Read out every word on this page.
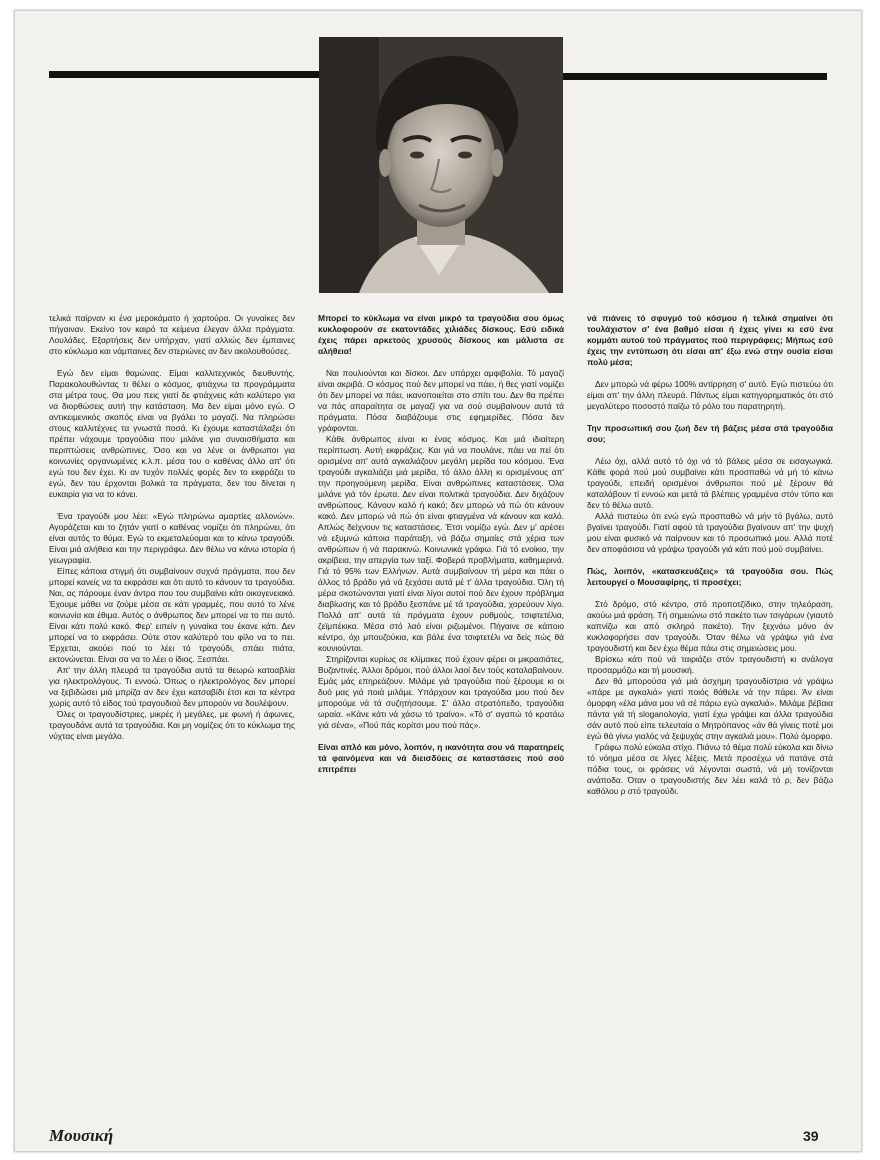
τελικά παίρναν κι ένα μεροκάματο ή χαρτούρα. Οι γυναίκες δεν πήγαιναν. Εκείνο τον καιρό τα κείμενα έλεγαν άλλα πράγματα. Λουλάδες. Εξαρτήσεις δεν υπήρχαν, γιατί αλλιώς δεν έμπαινες στο κύκλωμα και νάμπαινες δεν στεριώνες αν δεν ακολουθούσες.

Εγώ δεν είμαι θαμώνας. Είμαι καλλιτεχνικός διευθυντής. Παρακολουθώντας τι θέλει ο κόσμος, φτιάχνω τα προγράμματα στα μέτρα τους. Θα μου πεις γιατί δε φτιάχνεις κάτι καλύτερο για να διορθώσεις αυτή την κατάσταση. Μα δεν είμαι μόνο εγώ. Ο αντικειμενικός σκοπός είναι να βγάλει το μαγαζί. Να πληρώσει στους καλλιτέχνες τα γνωστά ποσά. Κι έχουμε καταστάλαξει ότι πρέπει νάχουμε τραγούδια που μιλάνε για συναισθήματα και περιπτώσεις ανθρώπινες. Όσο και να λένε οι άνθρωποι για κοινωνίες οργανωμένες κ.λ.π. μέσα του ο καθένας άλλο απ' ότι εγώ του δεν έχει. Κι αν τυχόν πολλές φορές δεν το εκφράζει το εγώ, δεν του έρχονται βολικά τα πράγματα, δεν του δίνεται η ευκαιρία για να το κάνει.

Ένα τραγούδι μου λέει: «Εγώ πληρώνω αμαρτίες αλλονών». Αγοράζεται και το ζητάν γιατί ο καθένας νομίζει ότι πληρώνει, ότι είναι αυτός το θύμα. Εγώ το εκμεταλεύομαι και το κάνω τραγούδι. Είναι μιά αλήθεια και την περιγράφω. Δεν θέλω να κάνω ιστορία ή γεωγραφία.

Είπες κάποια στιγμή ότι συμβαίνουν συχνά πράγματα, που δεν μπορεί κανείς να τα εκφράσει και ότι αυτό το κάνουν τα τραγούδια. Ναι, ας πάρουμε έναν άντρα που του συμβαίνει κάτι οικογενειακό. Έχουμε μάθει να ζούμε μέσα σε κάτι γραμμές, που αυτό το λένε κοινωνία και έθιμα. Αυτός ο άνθρωπος δεν μπορεί να το πει αυτό. Είναι κάτι πολύ κακό. Φερ' ειπείν η γυναίκα του έκανε κάτι. Δεν μπορεί να το εκφράσει. Ούτε στον καλύτερό του φίλο να το πει. Έρχεται, ακούει πού το λέει τό τραγούδι, σπάει πιάτα, εκτονώνεται. Είναι σα να το λέει ο ίδιος. Ξεσπάει.

Απ' την άλλη πλευρά τα τραγούδια αυτά τα θεωρώ κατοαβλία για ηλεκτρολόγους. Τι εννοώ. Όπως ο ηλεκτρολόγος δεν μπορεί να ξεβιδώσει μιά μπρίζα αν δεν έχει κατσαβίδι έτσι και τα κέντρα χωρίς αυτό τό είδος τού τραγουδιού δεν μπορούν να δουλέψουν.

Όλες οι τραγουδίστριες, μικρές ή μεγάλες, με φωνή ή άφωνες, τραγουδάνε αυτά τα τραγούδια. Και μη νομίζεις ότι το κύκλωμα της νύχτας είναι μεγάλο.

Μπορεί το κύκλωμα να είναι μικρό τα τραγούδια σου όμως κυκλοφορούν σε εκατοντάδες χιλιάδες δίσκους. Εσύ ειδικά έχεις πάρει αρκετούς χρυσούς δίσκους και μάλιστα σε αλήθεια!

Ναι πουλιούνται και δίσκοι. Δεν υπάρχει αμφιβολία. Τό μαγαζί είναι ακριβά. Ο κόσμος πού δεν μπορεί να πάει, ή θες γιατί νομίζει ότι δεν μπορεί να πάει, ικανοποιείται στο σπίτι του. Δεν θα πρέπει να πάς απαραίτητα σε μαγαζί για να σού συμβαίνουν αυτά τά πράγματα. Πόσα διαβάζουμε στις εφημερίδες. Πόσα δεν γράφονται.

Κάθε άνθρωπος είναι κι ένας κόσμος. Και μιά ιδιαίτερη περίπτωση. Αυτή εκφράζεις. Και γιά να πουλάνε, πάει να πεί ότι ορισμένα απ' αυτά αγκαλιάζουν μεγάλη μερίδα του κόσμου. Ένα τραγούδι αγκαλιάζει μιά μερίδα, τό άλλο άλλη κι ορισμένους απ' την προηγούμενη μερίδα. Είναι ανθρώπινες καταστάσεις. Όλα μιλάνε γιά τόν έρωτα. Δεν είναι πολιτικά τραγούδια. Δεν διχάζουν ανθρώπους. Κάνουν καλό ή κακό; δεν μπορώ νά πώ ότι κάνουν κακό. Δεν μπορώ νά πώ ότι είναι φτιαγμένα νά κάνουν και καλό. Απλώς δείχνουν τις καταστάσεις. Έτσι νομίζω εγώ. Δεν μ' αρέσει νά εξυμνώ κάποια παράταξη, νά βάζω σημαίες στά χέρια των ανθρώπων ή νά παρακινώ. Κοινωνικά γράφω. Γιά τό ενοίκιο, την ακρίβεια, την απεργία των ταξί. Φοβερά προβλήματα, καθημερινά. Γιά τό 95% των Ελλήνων. Αυτά συμβαίνουν τή μέρα και πάει ο άλλος τό βράδυ γιά νά ξεχάσει αυτά μέ τ' άλλα τραγούδια. Όλη τή μέρα σκοτώνονται γιατί είναι λίγοι αυτοί πού δεν έχουν πρόβλημα διαβίωσης και τό βράδυ ξεσπάνε μέ τά τραγούδια, χορεύουν λίγο. Πολλά απ' αυτά τά πράγματα έχουν ρυθμούς, τσιφτετέλια, ζεϊμπέκικα. Μέσα στό λαό είναι ριζωμένοι. Πήγαινε σε κάποιο κέντρο, όχι μπουζούκια, και βάλε ένα τσιφτετέλι να δείς πώς θά κουνιούνται.

Στηρίζονται κυρίως σε κλίμακες πού έχουν φέρει οι μικρασιάτες, Βυζαντινές. Άλλοι δρόμοι, πού άλλοι λαοί δεν τούς καταλαβαίνουν. Εμάς μάς επηρεάζουν. Μιλάμε γιά τραγούδια πού ξέρουμε κι οι δυό μας γιά ποιά μιλάμε. Υπάρχουν και τραγούδια μου πού δεν μπορούμε νά τά συζητήσουμε. Σ' άλλο στρατόπεδο, τραγούδια ωραία. «Κάνε κάτι νά χάσω τό τραίνο». «Τό σ' αγαπώ τό κρατάω γιά σένα», «Πού πάς κορίτσι μου πού πάς».

Είναι απλό και μόνο, λοιπόν, η ικανότητα σου νά παρατηρείς τά φαινόμενα και νά διεισδύεις σε καταστάσεις πού σού επιτρέπει

νά πιάνεις τό σφυγμό τού κόσμου ή τελικά σημαίνει ότι τουλάχιστον σ' ένα βαθμό είσαι ή έχεις γίνει κι εσύ ένα κομμάτι αυτού τού πράγματος πού περιγράφεις; Μήπως εσύ έχεις την εντύπωση ότι είσαι απ' έξω ενώ στην ουσία είσαι πολύ μέσα;

Δεν μπορώ νά φέρω 100% αντίρρηση σ' αυτό. Εγώ πιστεύω ότι είμαι απ' την άλλη πλευρά. Πάντως είμαι κατηγορηματικός ότι στό μεγαλύτερο ποσοστό παίζω τό ρόλο του παρατηρητή.

Την προσωπική σου ζωή δεν τή βάζεις μέσα στά τραγούδια σου;

Λέω όχι, αλλά αυτό τό όχι νά τό βάλεις μέσα σε εισαγωγικά. Κάθε φορά πού μού συμβαίνει κάτι προσπαθώ νά μή τό κάνω τραγούδι, επειδή ορισμένοι άνθρωποι πού μέ ξέρουν θά καταλάβουν τί εννοώ και μετά τά βλέπεις γραμμένα στόν τύπο και δεν τό θέλω αυτό.

Αλλά πιστεύω ότι ενώ εγώ προσπαθώ νά μήν τό βγάλω, αυτό βγαίνει τραγούδι. Γιατί αφού τά τραγούδια βγαίνουν απ' την ψυχή μου είναι φυσικό νά παίρνουν και τό προσωπικό μου. Αλλά ποτέ δεν αποφάσισα νά γράψω τραγούδι γιά κάτι πού μού συμβαίνει.

Πώς, λοιπόν, «κατασκευάζεις» τά τραγούδια σου. Πώς λειτουργεί ο Μουσαφίρης, τί προσέχει;

Στό δρόμο, στό κέντρο, στό προποτζίδικο, στην τηλεόραση, ακούω μιά φράση. Τή σημειώνω στό πακέτο των τσιγάρων (γιαυτό καπνίζω και από σκληρό πακέτο). Την ξεχνάω μόνο άν κυκλοφορήσει σαν τραγούδι. Όταν θέλω νά γράψω γιά ένα τραγουδιστή και δεν έχω θέμα πάω στις σημειώσεις μου.

Βρίσκω κάτι πού νά ταιριάζει στόν τραγουδιστή κι ανάλογα προσαρμόζω και τή μουσική.

Δεν θά μπορούσα γιά μιά άσχημη τραγουδίστρια νά γράψω «πάρε με αγκαλιά» γιατί ποιός θάθελε νά την πάρει. Άν είναι όμορφη «έλα μάνα μου νά σέ πάρω εγώ αγκαλιά». Μιλάμε βέβαια πάντα γιά τή sloganολογία, γιατί έχω γράψει και άλλα τραγούδια σάν αυτό πού είπε τελευταία ο Μητρόπανος «άν θά γίνεις ποτέ μοι εγώ θά γίνω γιαλός νά ξεψυχάς στην αγκαλιά μου». Πολύ όμορφο.

Γράφω πολύ εύκολα στίχο. Πιάνω τό θέμα πολύ εύκολα και δίνω τό νόημα μέσα σε λίγες λέξεις. Μετά προσέχω νά πατάνε στά πόδια τους, οι φράσεις νά λέγονται σωστά, νά μή τονίζονται ανάποδα. Όταν ο τραγουδιστής δεν λέει καλά τό ρ, δεν βάζω καθόλου ρ στό τραγούδι.

Μουσική	39
